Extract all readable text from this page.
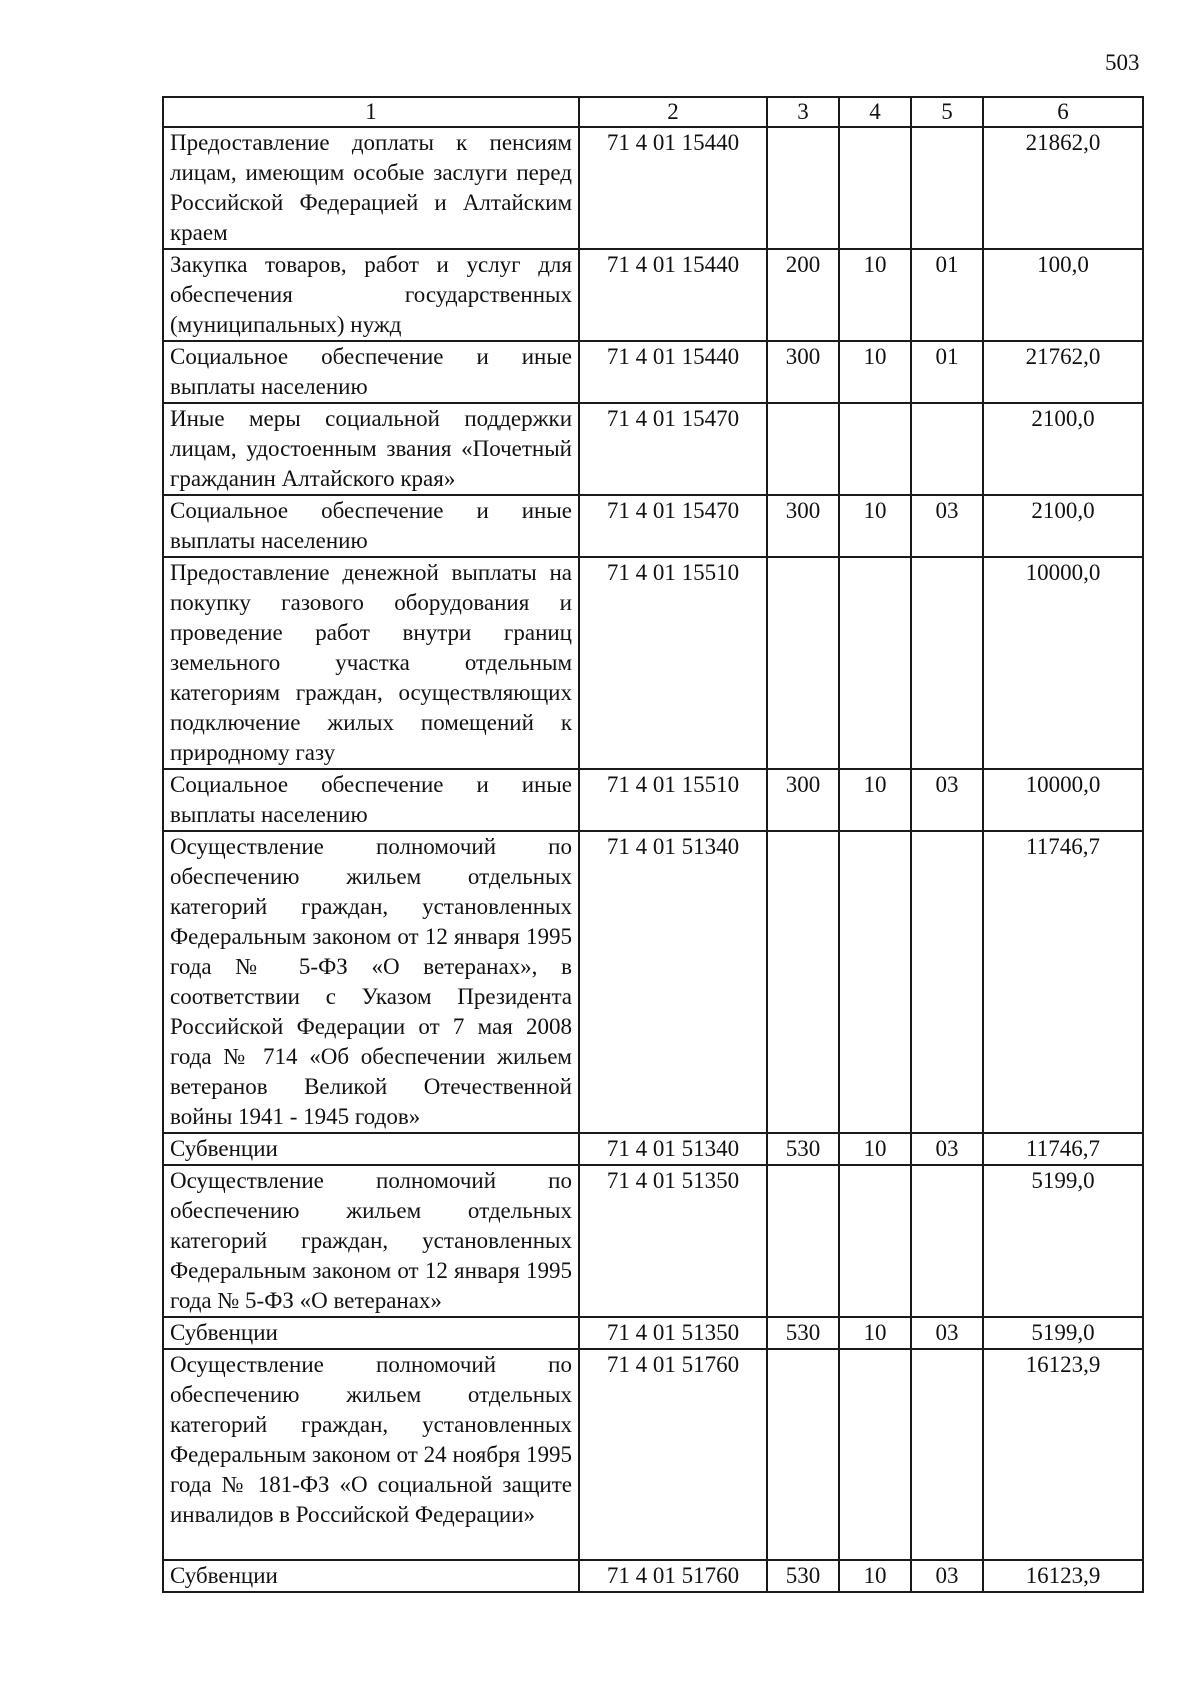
503
1	2	3	4	5	6
Предоставление доплаты к пенсиям лицам, имеющим особые заслуги перед Российской Федерацией и Алтайским краем	71 4 01 15440				21862,0
Закупка товаров, работ и услуг для обеспечения государственных (муниципальных) нужд	71 4 01 15440	200	10	01	100,0
Социальное обеспечение и иные выплаты населению	71 4 01 15440	300	10	01	21762,0
Иные меры социальной поддержки лицам, удостоенным звания «Почетный гражданин Алтайского края»	71 4 01 15470				2100,0
Социальное обеспечение и иные выплаты населению	71 4 01 15470	300	10	03	2100,0
Предоставление денежной выплаты на покупку газового оборудования и проведение работ внутри границ земельного участка отдельным категориям граждан, осуществляющих подключение жилых помещений к природному газу	71 4 01 15510				10000,0
Социальное обеспечение и иные выплаты населению	71 4 01 15510	300	10	03	10000,0
Осуществление полномочий по обеспечению жильем отдельных категорий граждан, установленных Федеральным законом от 12 января 1995 года № 5-ФЗ «О ветеранах», в соответствии с Указом Президента Российской Федерации от 7 мая 2008 года № 714 «Об обеспечении жильем ветеранов Великой Отечественной войны 1941 - 1945 годов»	71 4 01 51340				11746,7
Субвенции	71 4 01 51340	530	10	03	11746,7
Осуществление полномочий по обеспечению жильем отдельных категорий граждан, установленных Федеральным законом от 12 января 1995 года № 5-ФЗ «О ветеранах»	71 4 01 51350				5199,0
Субвенции	71 4 01 51350	530	10	03	5199,0
Осуществление полномочий по обеспечению жильем отдельных категорий граждан, установленных Федеральным законом от 24 ноября 1995 года № 181-ФЗ «О социальной защите инвалидов в Российской Федерации»	71 4 01 51760				16123,9
Субвенции	71 4 01 51760	530	10	03	16123,9
